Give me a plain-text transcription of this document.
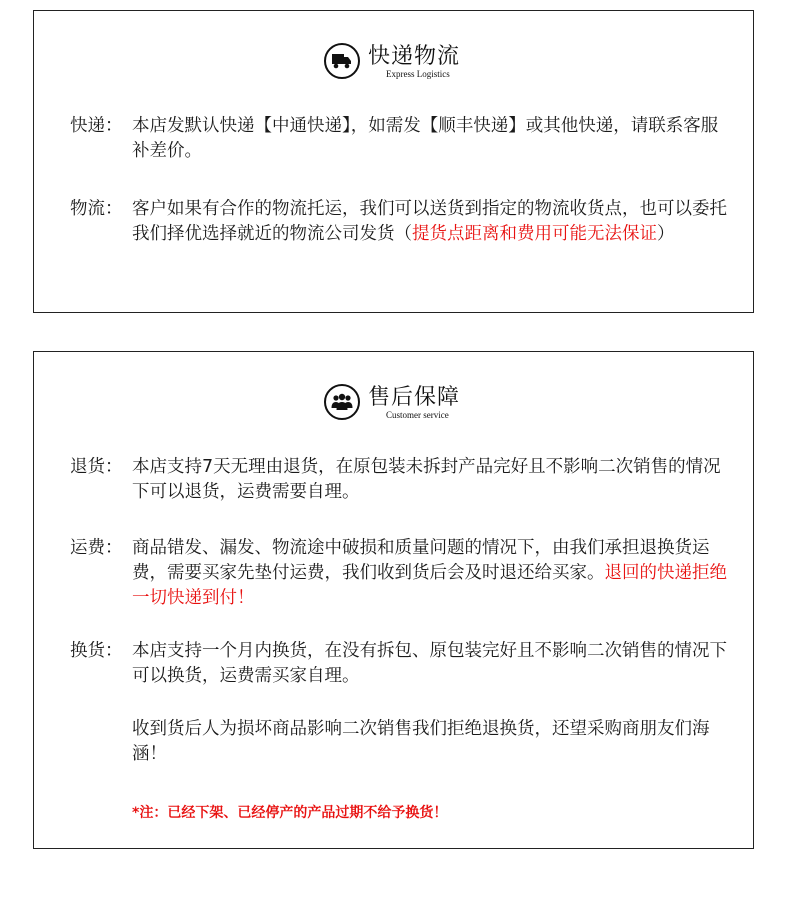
快递物流
Express Logistics
快递： 本店发默认快递【中通快递】，如需发【顺丰快递】或其他快递，请联系客服补差价。
物流： 客户如果有合作的物流托运，我们可以送货到指定的物流收货点，也可以委托我们择优选择就近的物流公司发货（提货点距离和费用可能无法保证）
售后保障
Customer service
退货： 本店支持7天无理由退货，在原包装未拆封产品完好且不影响二次销售的情况下可以退货，运费需要自理。
运费： 商品错发、漏发、物流途中破损和质量问题的情况下，由我们承担退换货运费，需要买家先垫付运费，我们收到货后会及时退还给买家。退回的快递拒绝一切快递到付！
换货： 本店支持一个月内换货，在没有拆包、原包装完好且不影响二次销售的情况下可以换货，运费需买家自理。
收到货后人为损坏商品影响二次销售我们拒绝退换货，还望采购商朋友们海涵！
*注：已经下架、已经停产的产品过期不给予换货！
